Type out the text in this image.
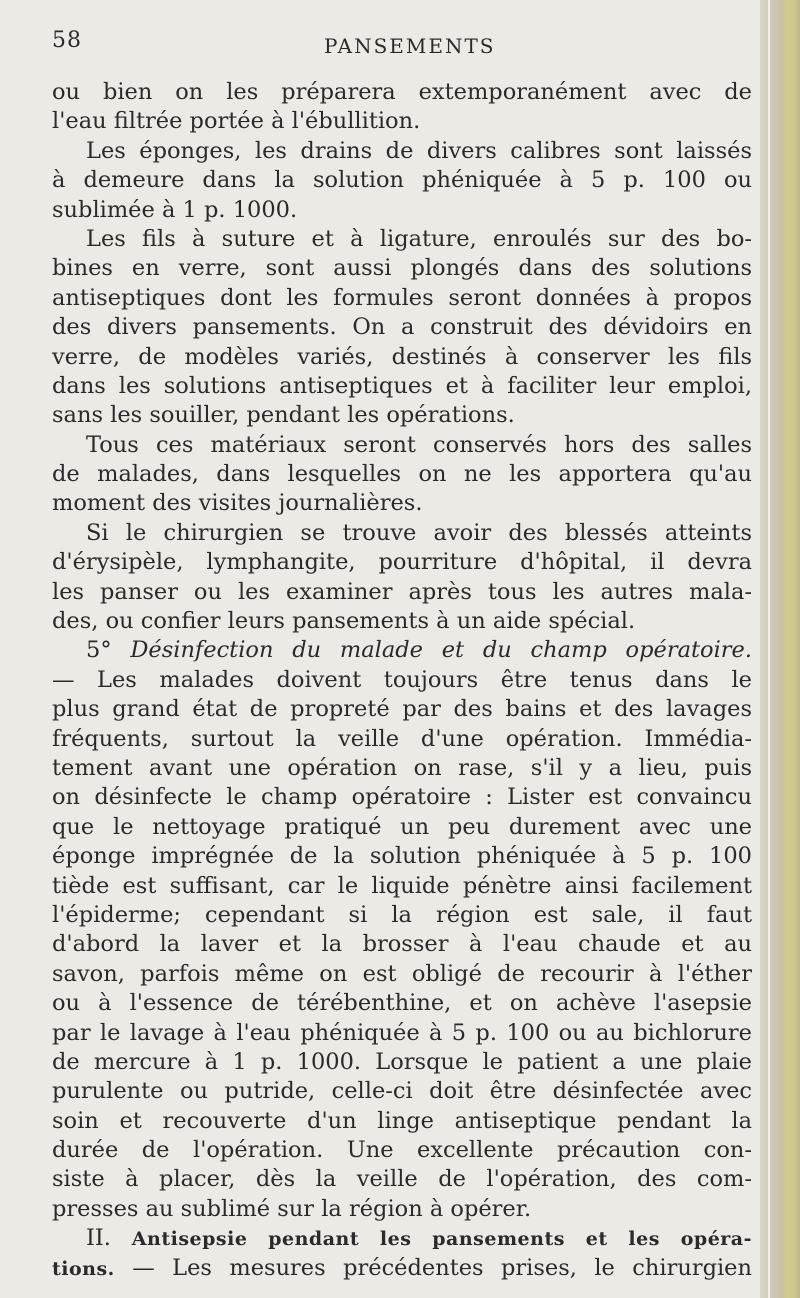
58	PANSEMENTS
ou bien on les préparera extemporanément avec de
l'eau filtrée portée à l'ébullition.
Les éponges, les drains de divers calibres sont laissés
à demeure dans la solution phéniquée à 5 p. 100 ou
sublimée à 1 p. 1000.
Les fils à suture et à ligature, enroulés sur des bo-
bines en verre, sont aussi plongés dans des solutions
antiseptiques dont les formules seront données à propos
des divers pansements. On a construit des dévidoirs en
verre, de modèles variés, destinés à conserver les fils
dans les solutions antiseptiques et à faciliter leur emploi,
sans les souiller, pendant les opérations.
Tous ces matériaux seront conservés hors des salles
de malades, dans lesquelles on ne les apportera qu'au
moment des visites journalières.
Si le chirurgien se trouve avoir des blessés atteints
d'érysipèle, lymphangite, pourriture d'hôpital, il devra
les panser ou les examiner après tous les autres mala-
des, ou confier leurs pansements à un aide spécial.
5° Désinfection du malade et du champ opératoire.
— Les malades doivent toujours être tenus dans le
plus grand état de propreté par des bains et des lavages
fréquents, surtout la veille d'une opération. Immédia-
tement avant une opération on rase, s'il y a lieu, puis
on désinfecte le champ opératoire : Lister est convaincu
que le nettoyage pratiqué un peu durement avec une
éponge imprégnée de la solution phéniquée à 5 p. 100
tiède est suffisant, car le liquide pénètre ainsi facilement
l'épiderme; cependant si la région est sale, il faut
d'abord la laver et la brosser à l'eau chaude et au
savon, parfois même on est obligé de recourir à l'éther
ou à l'essence de térébenthine, et on achève l'asepsie
par le lavage à l'eau phéniquée à 5 p. 100 ou au bichlorure
de mercure à 1 p. 1000. Lorsque le patient a une plaie
purulente ou putride, celle-ci doit être désinfectée avec
soin et recouverte d'un linge antiseptique pendant la
durée de l'opération. Une excellente précaution con-
siste à placer, dès la veille de l'opération, des com-
presses au sublimé sur la région à opérer.
II. Antisepsie pendant les pansements et les opéra-
tions. — Les mesures précédentes prises, le chirurgien
